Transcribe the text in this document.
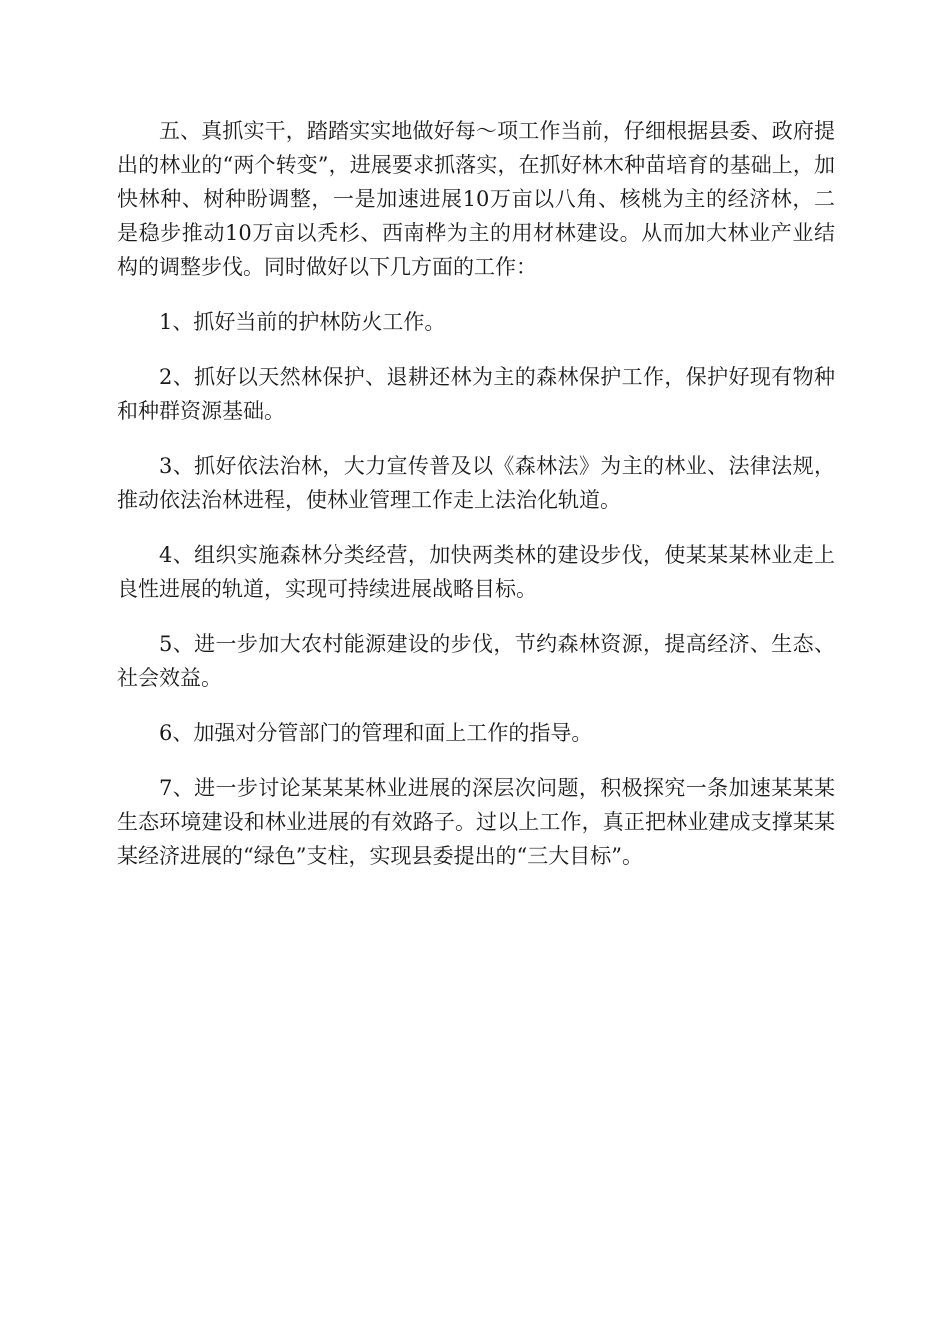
五、真抓实干，踏踏实实地做好每～项工作当前，仔细根据县委、政府提出的林业的“两个转变”，进展要求抓落实，在抓好林木种苗培育的基础上，加快林种、树种盼调整，一是加速进展10万亩以八角、核桃为主的经济林，二是稳步推动10万亩以秃杉、西南桦为主的用材林建设。从而加大林业产业结构的调整步伐。同时做好以下几方面的工作：

1、抓好当前的护林防火工作。

2、抓好以天然林保护、退耕还林为主的森林保护工作，保护好现有物种和种群资源基础。

3、抓好依法治林，大力宣传普及以《森林法》为主的林业、法律法规，推动依法治林进程，使林业管理工作走上法治化轨道。

4、组织实施森林分类经营，加快两类林的建设步伐，使某某某林业走上良性进展的轨道，实现可持续进展战略目标。

5、进一步加大农村能源建设的步伐，节约森林资源，提高经济、生态、社会效益。

6、加强对分管部门的管理和面上工作的指导。

7、进一步讨论某某某林业进展的深层次问题，积极探究一条加速某某某生态环境建设和林业进展的有效路子。过以上工作，真正把林业建成支撑某某某经济进展的“绿色”支柱，实现县委提出的“三大目标”。
